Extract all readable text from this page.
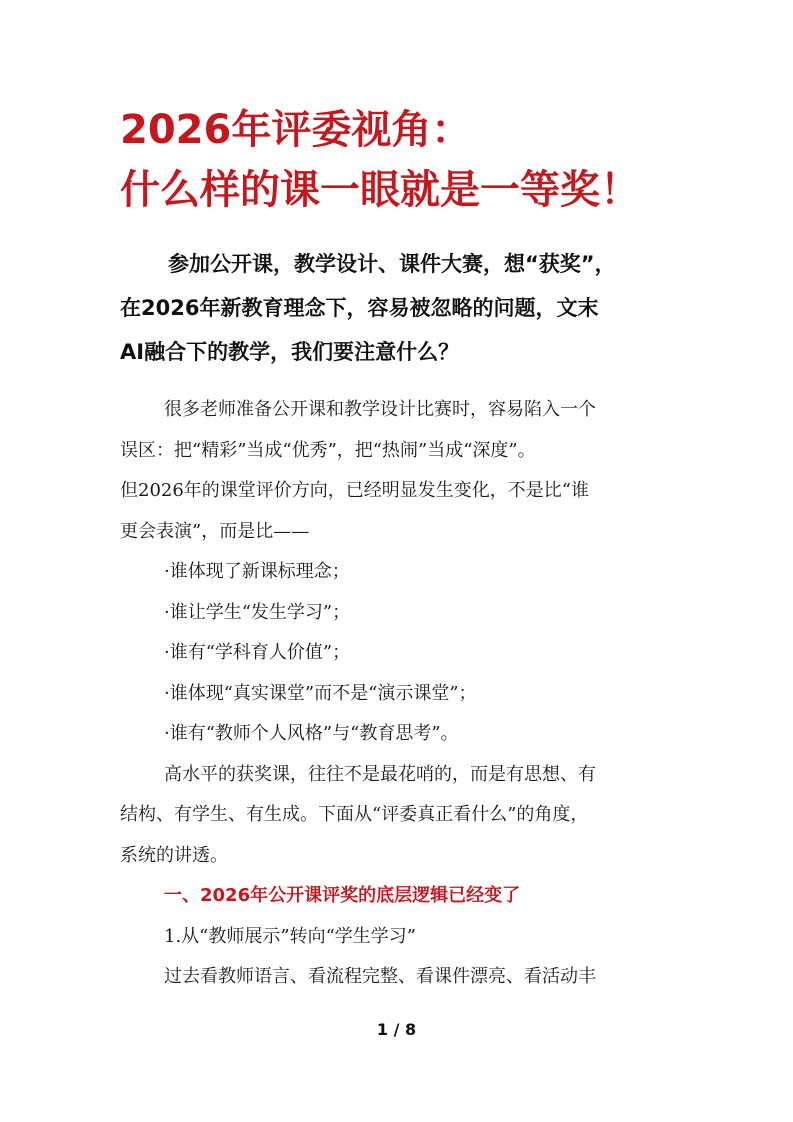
2026年评委视角：
什么样的课一眼就是一等奖！

参加公开课，教学设计、课件大赛，想“获奖”，
在2026年新教育理念下，容易被忽略的问题，文末
AI融合下的教学，我们要注意什么？

很多老师准备公开课和教学设计比赛时，容易陷入一个
误区：把“精彩”当成“优秀”，把“热闹”当成“深度”。
但2026年的课堂评价方向，已经明显发生变化，不是比“谁
更会表演”，而是比——
·谁体现了新课标理念；
·谁让学生“发生学习”；
·谁有“学科育人价值”；
·谁体现“真实课堂”而不是“演示课堂”；
·谁有“教师个人风格”与“教育思考”。
高水平的获奖课，往往不是最花哨的，而是有思想、有
结构、有学生、有生成。下面从“评委真正看什么”的角度，
系统的讲透。
一、2026年公开课评奖的底层逻辑已经变了
1.从“教师展示”转向“学生学习”
过去看教师语言、看流程完整、看课件漂亮、看活动丰
1 / 8
